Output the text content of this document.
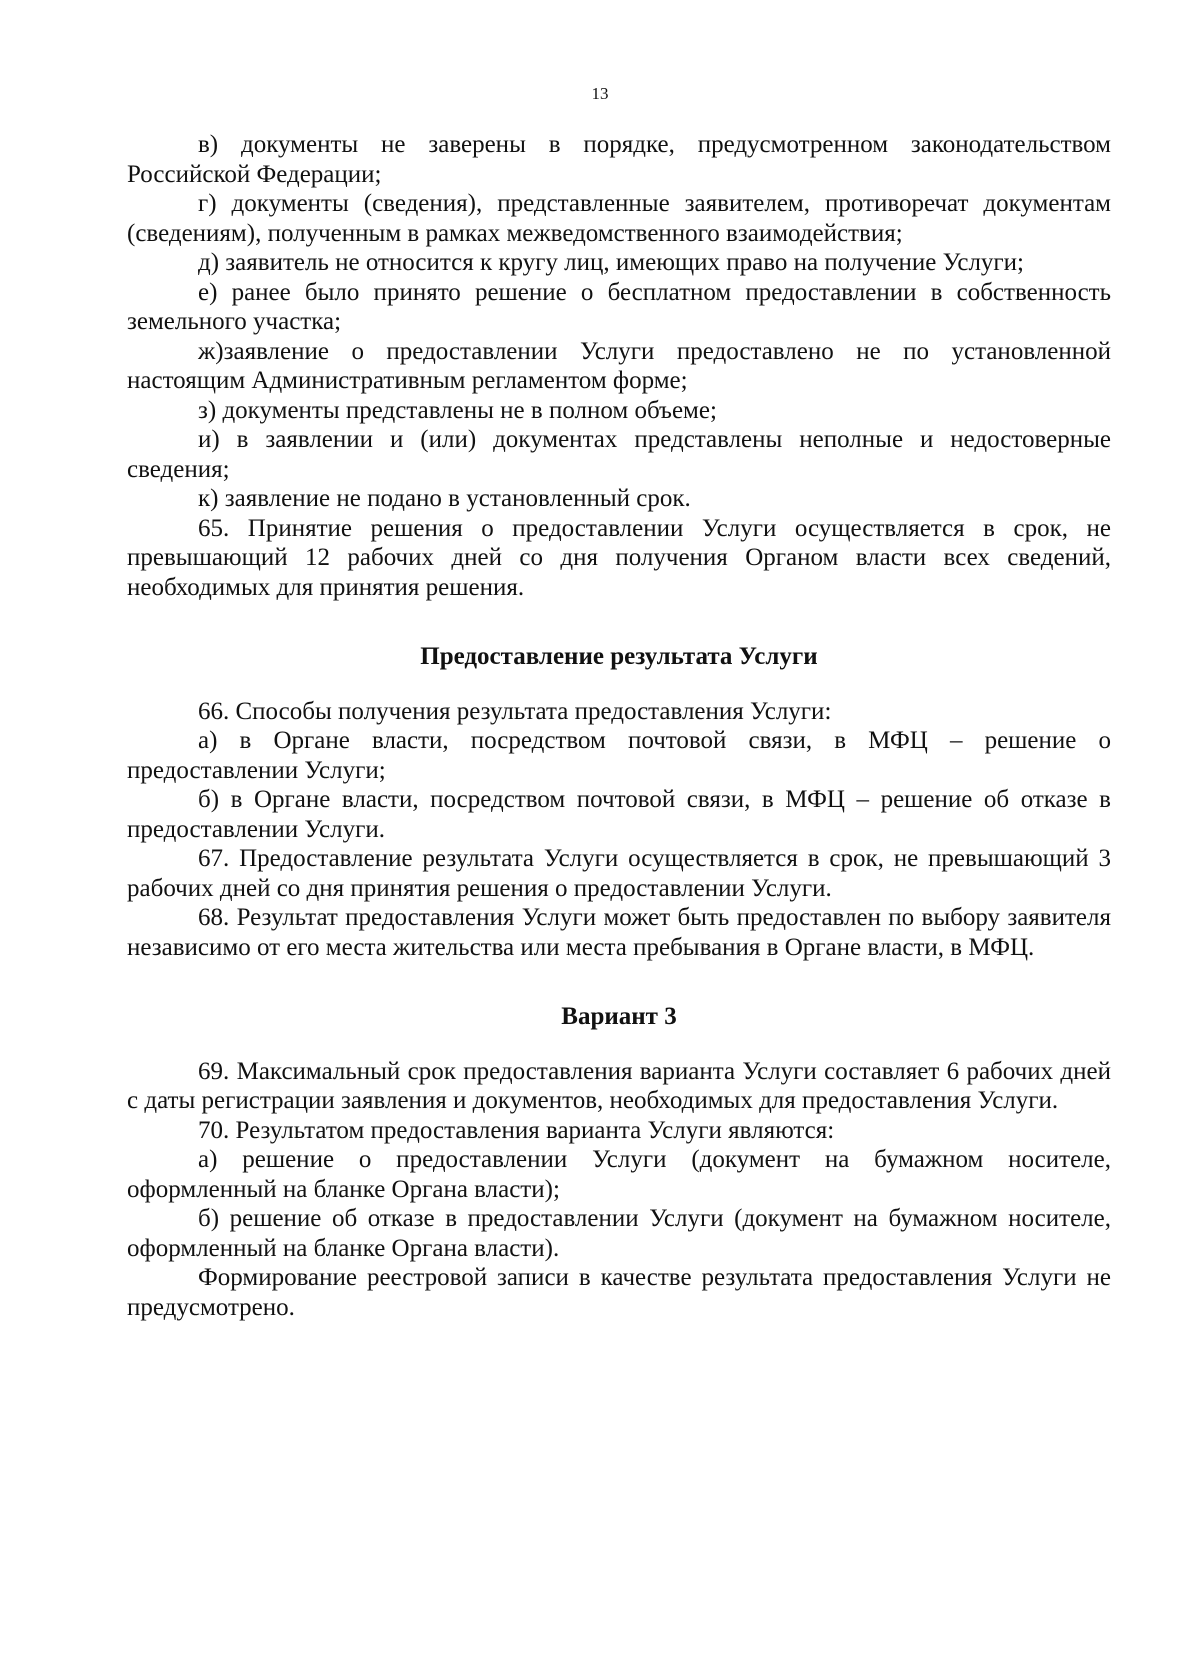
13

в) документы не заверены в порядке, предусмотренном законодательством Российской Федерации;

г) документы (сведения), представленные заявителем, противоречат документам (сведениям), полученным в рамках межведомственного взаимодействия;

д) заявитель не относится к кругу лиц, имеющих право на получение Услуги;

е) ранее было принято решение о бесплатном предоставлении в собственность земельного участка;

ж)заявление о предоставлении Услуги предоставлено не по установленной настоящим Административным регламентом форме;

з) документы представлены не в полном объеме;

и) в заявлении и (или) документах представлены неполные и недостоверные сведения;

к) заявление не подано в установленный срок.

65. Принятие решения о предоставлении Услуги осуществляется в срок, не превышающий 12 рабочих дней со дня получения Органом власти всех сведений, необходимых для принятия решения.

Предоставление результата Услуги

66. Способы получения результата предоставления Услуги:

а) в Органе власти, посредством почтовой связи, в МФЦ – решение о предоставлении Услуги;

б) в Органе власти, посредством почтовой связи, в МФЦ – решение об отказе в предоставлении Услуги.

67. Предоставление результата Услуги осуществляется в срок, не превышающий 3 рабочих дней со дня принятия решения о предоставлении Услуги.

68. Результат предоставления Услуги может быть предоставлен по выбору заявителя независимо от его места жительства или места пребывания в Органе власти, в МФЦ.

Вариант 3

69. Максимальный срок предоставления варианта Услуги составляет 6 рабочих дней с даты регистрации заявления и документов, необходимых для предоставления Услуги.

70. Результатом предоставления варианта Услуги являются:

а) решение о предоставлении Услуги (документ на бумажном носителе, оформленный на бланке Органа власти);

б) решение об отказе в предоставлении Услуги (документ на бумажном носителе, оформленный на бланке Органа власти).

Формирование реестровой записи в качестве результата предоставления Услуги не предусмотрено.
